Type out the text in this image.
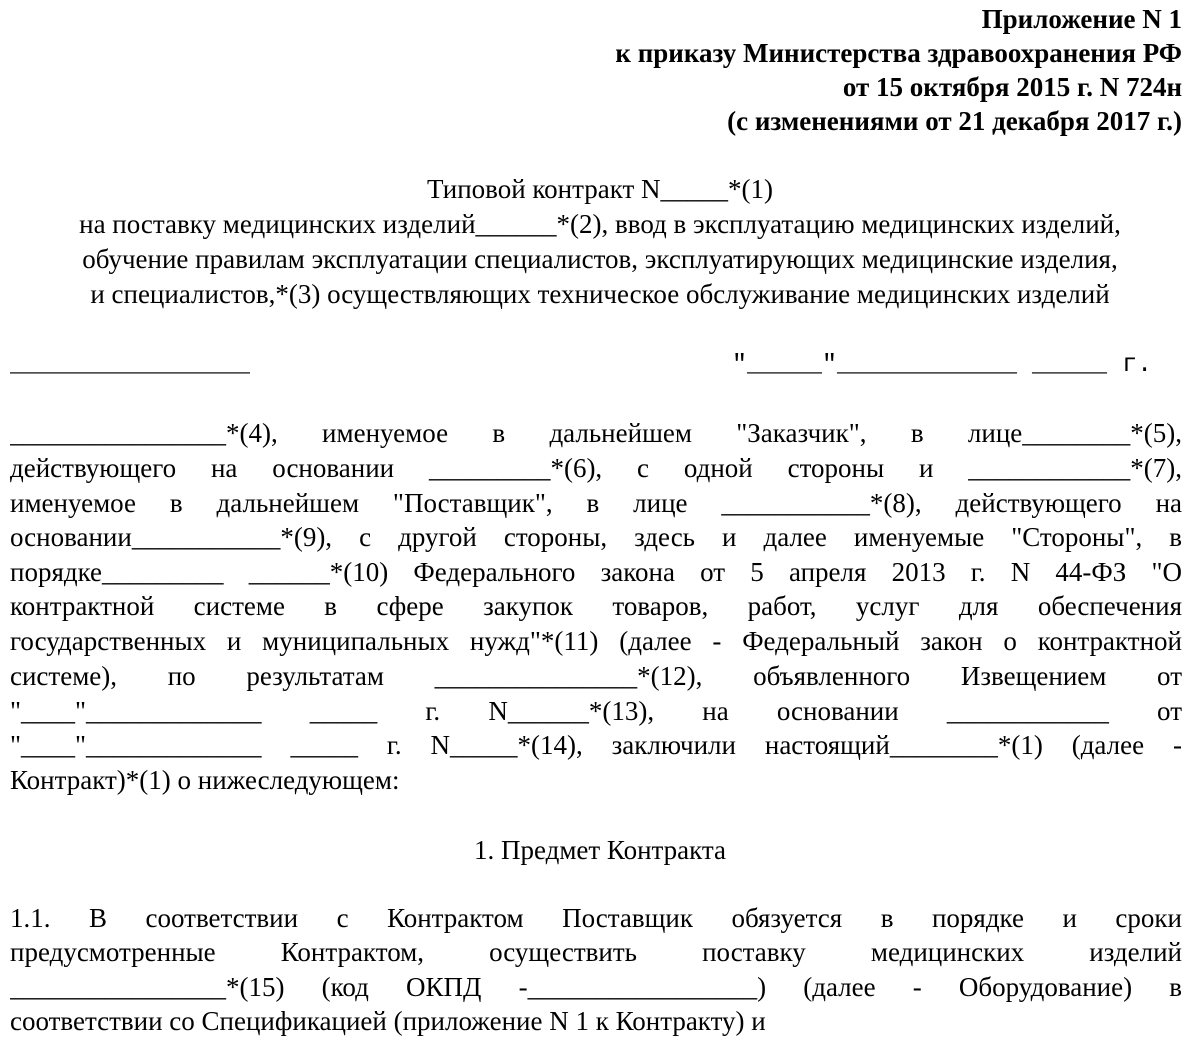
Приложение N 1
к приказу Министерства здравоохранения РФ
от 15 октября 2015 г. N 724н
(с изменениями от 21 декабря 2017 г.)
Типовой контракт N_____*(1)
на поставку медицинских изделий______*(2), ввод в эксплуатацию медицинских изделий,
обучение правилам эксплуатации специалистов, эксплуатирующих медицинские изделия,
и специалистов,*(3) осуществляющих техническое обслуживание медицинских изделий
________________	"_____"____________ _____ г.
________________*(4), именуемое в дальнейшем "Заказчик", в лице________*(5),
действующего на основании _________*(6), с одной стороны и ____________*(7),
именуемое в дальнейшем "Поставщик", в лице ___________*(8), действующего на
основании___________*(9), с другой стороны, здесь и далее именуемые "Стороны", в
порядке_________ ______*(10) Федерального закона от 5 апреля 2013 г. N 44-ФЗ "О
контрактной системе в сфере закупок товаров, работ, услуг для обеспечения
государственных и муниципальных нужд"*(11) (далее - Федеральный закон о контрактной
системе), по результатам _______________*(12), объявленного Извещением от
"____"_____________ _____ г. N______*(13), на основании ____________ от
"____"_____________ _____ г. N_____*(14), заключили настоящий________*(1) (далее -
Контракт)*(1) о нижеследующем:
1. Предмет Контракта
1.1. В соответствии с Контрактом Поставщик обязуется в порядке и сроки
предусмотренные Контрактом, осуществить поставку медицинских изделий
________________*(15) (код ОКПД -_________________) (далее - Оборудование) в
соответствии со Спецификацией (приложение N 1 к Контракту) и
